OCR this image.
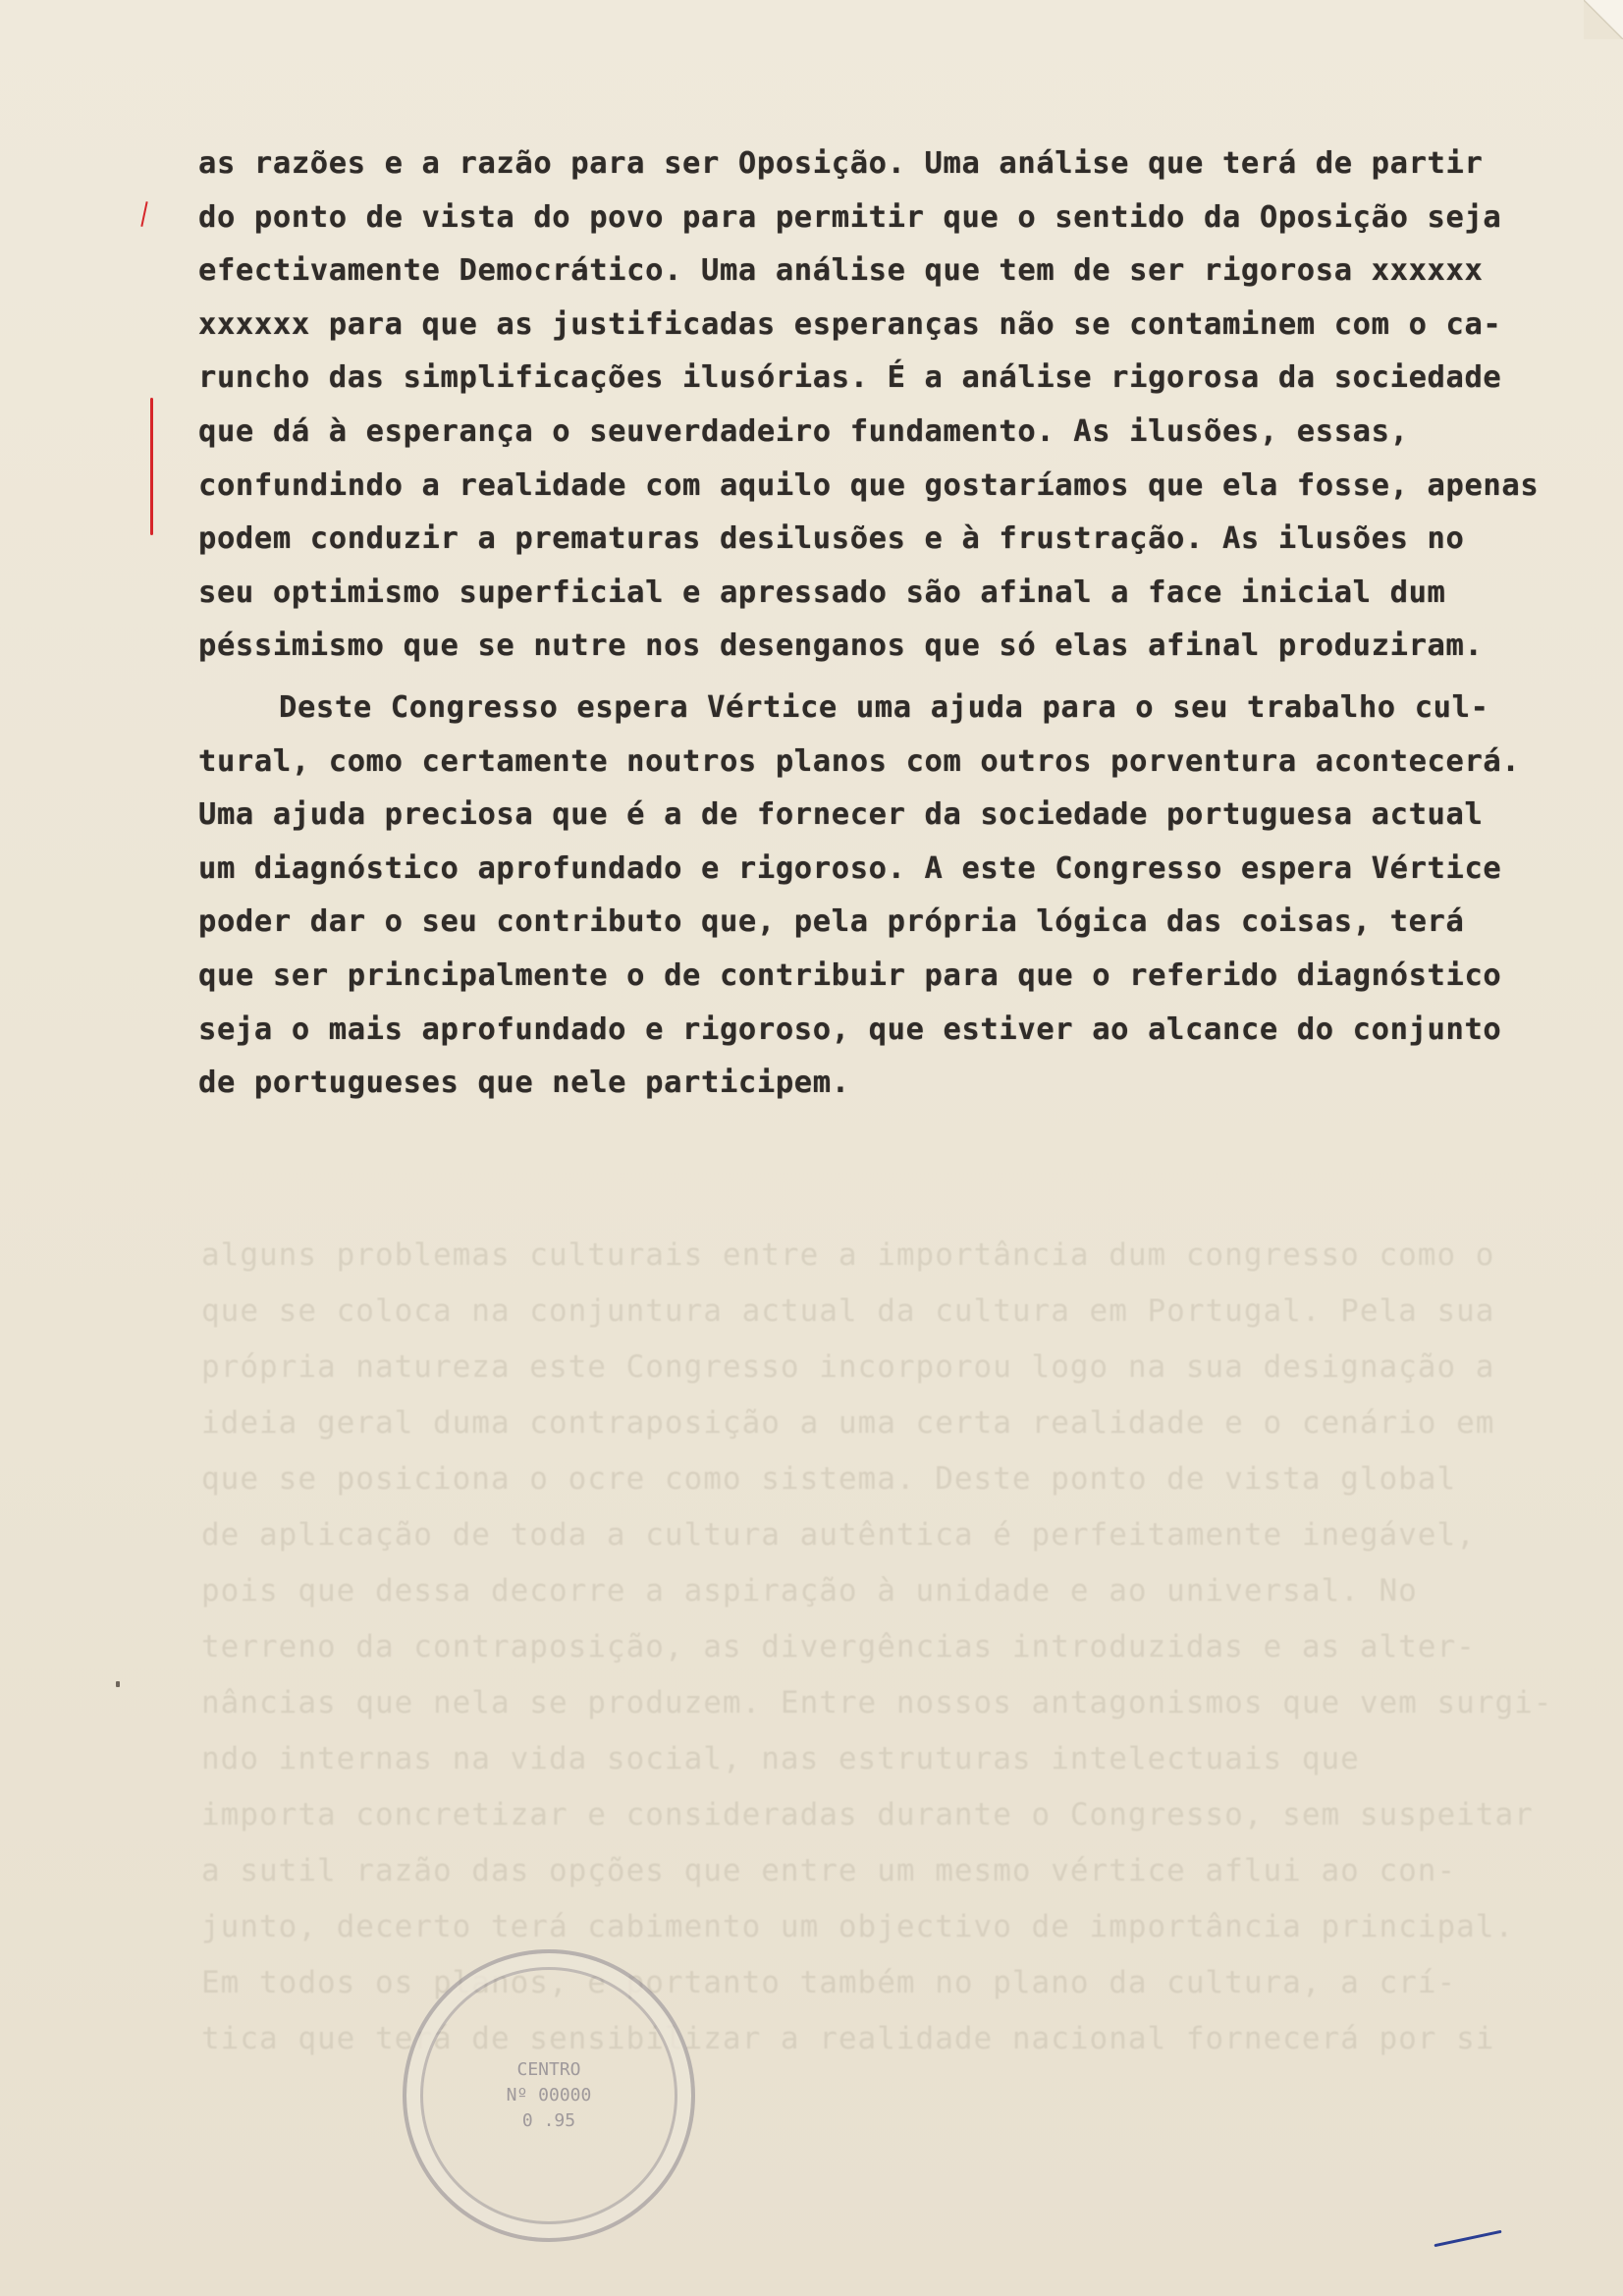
alguns problemas culturais entre a importância dum congresso como o
que se coloca na conjuntura actual da cultura em Portugal. Pela sua
própria natureza este Congresso incorporou logo na sua designação a
ideia geral duma contraposição a uma certa realidade e o cenário em
que se posiciona o ocre como sistema. Deste ponto de vista global
de aplicação de toda a cultura autêntica é perfeitamente inegável,
pois que dessa decorre a aspiração à unidade e ao universal. No
terreno da contraposição, as divergências introduzidas e as alter-
nâncias que nela se produzem. Entre nossos antagonismos que vem surgi-
ndo internas na vida social, nas estruturas intelectuais que
importa concretizar e consideradas durante o Congresso, sem suspeitar
a sutil razão das opções que entre um mesmo vértice aflui ao con-
junto, decerto terá cabimento um objectivo de importância principal.
Em todos os planos, e portanto também no plano da cultura, a crí-
tica que terá de sensibilizar a realidade nacional fornecerá por si
as razões e a razão para ser Oposição. Uma análise que terá de partir
do ponto de vista do povo para permitir que o sentido da Oposição seja
efectivamente Democrático. Uma análise que tem de ser rigorosa xxxxxx
xxxxxx para que as justificadas esperanças não se contaminem com o ca-
runcho das simplificações ilusórias. É a análise rigorosa da sociedade
que dá à esperança o seuverdadeiro fundamento. As ilusões, essas,
confundindo a realidade com aquilo que gostaríamos que ela fosse, apenas
podem conduzir a prematuras desilusões e à frustração. As ilusões no
seu optimismo superficial e apressado são afinal a face inicial dum
péssimismo que se nutre nos desenganos que só elas afinal produziram.
Deste Congresso espera Vértice uma ajuda para o seu trabalho cul-
tural, como certamente noutros planos com outros porventura acontecerá.
Uma ajuda preciosa que é a de fornecer da sociedade portuguesa actual
um diagnóstico aprofundado e rigoroso. A este Congresso espera Vértice
poder dar o seu contributo que, pela própria lógica das coisas, terá
que ser principalmente o de contribuir para que o referido diagnóstico
seja o mais aprofundado e rigoroso, que estiver ao alcance do conjunto
de portugueses que nele participem.
CENTRO
Nº 00000
0 .95
